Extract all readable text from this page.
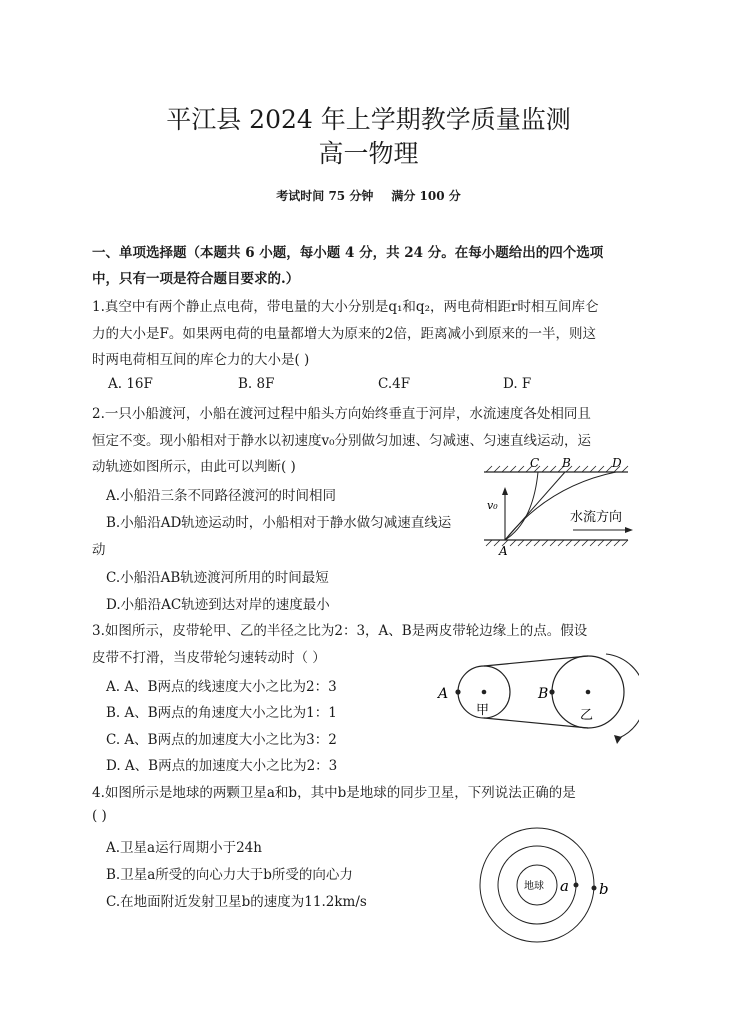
平江县 2024 年上学期教学质量监测
高一物理
考试时间 75 分钟 满分 100 分
一、单项选择题（本题共 6 小题，每小题 4 分，共 24 分。在每小题给出的四个选项
中，只有一项是符合题目要求的.）
1.真空中有两个静止点电荷，带电量的大小分别是q₁和q₂，两电荷相距r时相互间库仑
力的大小是F。如果两电荷的电量都增大为原来的2倍，距离减小到原来的一半，则这
时两电荷相互间的库仑力的大小是( )
A. 16F	B. 8F	C.4F	D. F
2.一只小船渡河，小船在渡河过程中船头方向始终垂直于河岸，水流速度各处相同且
恒定不变。现小船相对于静水以初速度v₀分别做匀加速、匀减速、匀速直线运动，运
动轨迹如图所示，由此可以判断( )
A.小船沿三条不同路径渡河的时间相同
B.小船沿AD轨迹运动时，小船相对于静水做匀减速直线运
动
C.小船沿AB轨迹渡河所用的时间最短
D.小船沿AC轨迹到达对岸的速度最小
v₀
C B	D
A
水流方向
3.如图所示，皮带轮甲、乙的半径之比为2：3，A、B是两皮带轮边缘上的点。假设
皮带不打滑，当皮带轮匀速转动时（ ）
A. A、B两点的线速度大小之比为2：3
B. A、B两点的角速度大小之比为1：1
C. A、B两点的加速度大小之比为3：2
D. A、B两点的加速度大小之比为2：3
A	B
甲	乙
4.如图所示是地球的两颗卫星a和b，其中b是地球的同步卫星，下列说法正确的是
( )
A.卫星a运行周期小于24h
B.卫星a所受的向心力大于b所受的向心力
C.在地面附近发射卫星b的速度为11.2km/s
地球 a b
